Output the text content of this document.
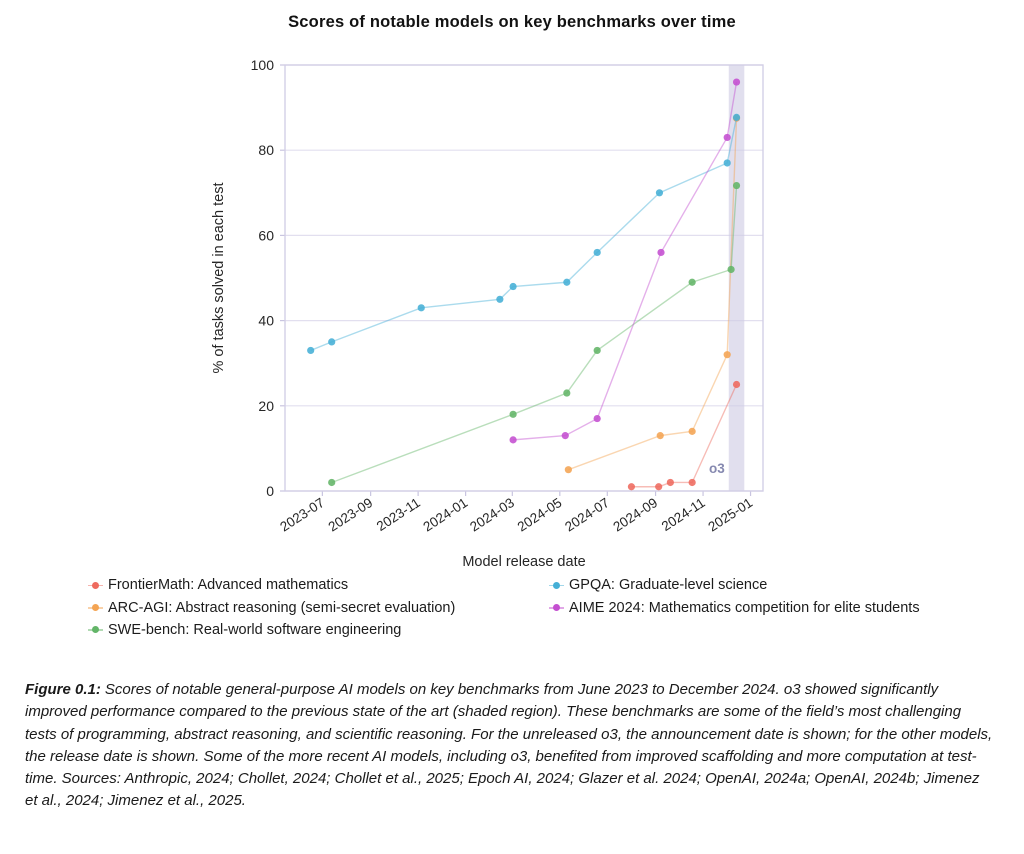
Scores of notable models on key benchmarks over time
0
20
40
60
80
100
2023-07
2023-09
2023-11
2024-01
2024-03
2024-05
2024-07
2024-09
2024-11
2025-01
o3
% of tasks solved in each test
Model release date
FrontierMath: Advanced mathematics
ARC-AGI: Abstract reasoning (semi-secret evaluation)
SWE-bench: Real-world software engineering
GPQA: Graduate-level science
AIME 2024: Mathematics competition for elite students
Figure 0.1: Scores of notable general-purpose AI models on key benchmarks from June 2023 to December 2024. o3 showed significantly improved performance compared to the previous state of the art (shaded region). These benchmarks are some of the field’s most challenging tests of programming, abstract reasoning, and scientific reasoning. For the unreleased o3, the announcement date is shown; for the other models, the release date is shown. Some of the more recent AI models, including o3, benefited from improved scaffolding and more computation at test-time. Sources: Anthropic, 2024; Chollet, 2024; Chollet et al., 2025; Epoch AI, 2024; Glazer et al. 2024; OpenAI, 2024a; OpenAI, 2024b; Jimenez et al., 2024; Jimenez et al., 2025.
